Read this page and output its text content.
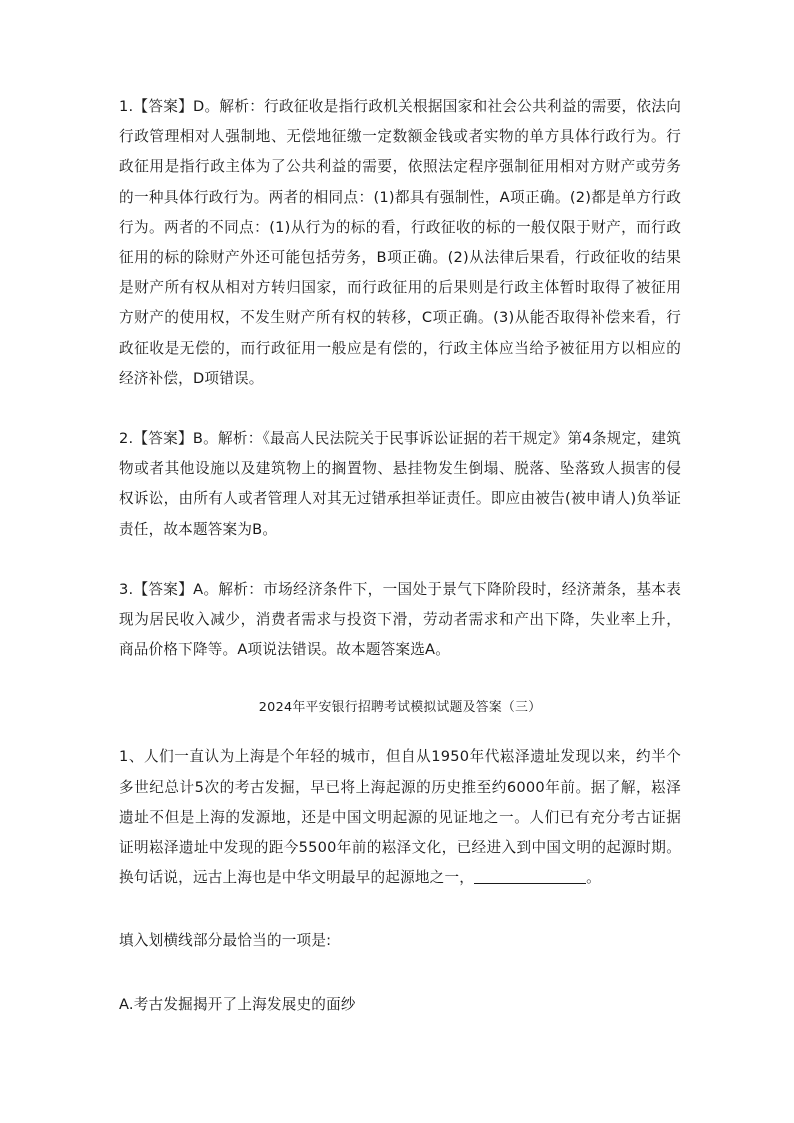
1.【答案】D。解析：行政征收是指行政机关根据国家和社会公共利益的需要，依法向行政管理相对人强制地、无偿地征缴一定数额金钱或者实物的单方具体行政行为。行政征用是指行政主体为了公共利益的需要，依照法定程序强制征用相对方财产或劳务的一种具体行政行为。两者的相同点：(1)都具有强制性，A项正确。(2)都是单方行政行为。两者的不同点：(1)从行为的标的看，行政征收的标的一般仅限于财产，而行政征用的标的除财产外还可能包括劳务，B项正确。(2)从法律后果看，行政征收的结果是财产所有权从相对方转归国家，而行政征用的后果则是行政主体暂时取得了被征用方财产的使用权，不发生财产所有权的转移，C项正确。(3)从能否取得补偿来看，行政征收是无偿的，而行政征用一般应是有偿的，行政主体应当给予被征用方以相应的经济补偿，D项错误。

2.【答案】B。解析：《最高人民法院关于民事诉讼证据的若干规定》第4条规定，建筑物或者其他设施以及建筑物上的搁置物、悬挂物发生倒塌、脱落、坠落致人损害的侵权诉讼，由所有人或者管理人对其无过错承担举证责任。即应由被告(被申请人)负举证责任，故本题答案为B。

3.【答案】A。解析：市场经济条件下，一国处于景气下降阶段时，经济萧条，基本表现为居民收入减少，消费者需求与投资下滑，劳动者需求和产出下降，失业率上升，商品价格下降等。A项说法错误。故本题答案选A。

2024年平安银行招聘考试模拟试题及答案（三）

1、人们一直认为上海是个年轻的城市，但自从1950年代崧泽遗址发现以来，约半个多世纪总计5次的考古发掘，早已将上海起源的历史推至约6000年前。据了解，崧泽遗址不但是上海的发源地，还是中国文明起源的见证地之一。人们已有充分考古证据证明崧泽遗址中发现的距今5500年前的崧泽文化，已经进入到中国文明的起源时期。换句话说，远古上海也是中华文明最早的起源地之一，	。

填入划横线部分最恰当的一项是:

A.考古发掘揭开了上海发展史的面纱
